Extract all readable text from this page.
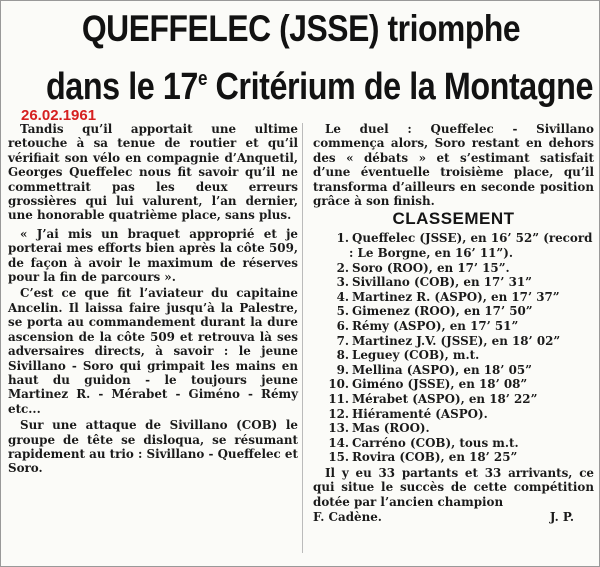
QUEFFELEC (JSSE) triomphe
dans le 17e Critérium de la Montagne
26.02.1961

Tandis qu’il apportait une ultime retouche à sa tenue de routier et qu’il vérifiait son vélo en compagnie d’Anquetil, Georges Queffelec nous fit savoir qu’il ne commettrait pas les deux erreurs grossières qui lui valurent, l’an dernier, une honorable quatrième place, sans plus.

« J’ai mis un braquet approprié et je porterai mes efforts bien après la côte 509, de façon à avoir le maximum de réserves pour la fin de parcours ».

C’est ce que fit l’aviateur du capitaine Ancelin. Il laissa faire jusqu’à la Palestre, se porta au commandement durant la dure ascension de la côte 509 et retrouva là ses adversaires directs, à savoir : le jeune Sivillano - Soro qui grimpait les mains en haut du guidon - le toujours jeune Martinez R. - Mérabet - Giméno - Rémy etc...

Sur une attaque de Sivillano (COB) le groupe de tête se disloqua, se résumant rapidement au trio : Sivillano - Queffelec et Soro.

Le duel : Queffelec - Sivillano commença alors, Soro restant en dehors des « débats » et s’estimant satisfait d’une éventuelle troisième place, qu’il transforma d’ailleurs en seconde position grâce à son finish.

CLASSEMENT
1. Queffelec (JSSE), en 16’ 52” (record : Le Borgne, en 16’ 11”).
2. Soro (ROO), en 17’ 15”.
3. Sivillano (COB), en 17’ 31”
4. Martinez R. (ASPO), en 17’ 37”
5. Gimenez (ROO), en 17’ 50”
6. Rémy (ASPO), en 17’ 51”
7. Martinez J.V. (JSSE), en 18’ 02”
8. Leguey (COB), m.t.
9. Mellina (ASPO), en 18’ 05”
10. Giméno (JSSE), en 18’ 08”
11. Mérabet (ASPO), en 18’ 22”
12. Hiéramenté (ASPO).
13. Mas (ROO).
14. Carréno (COB), tous m.t.
15. Rovira (COB), en 18’ 25”

Il y eu 33 partants et 33 arrivants, ce qui situe le succès de cette compétition dotée par l’ancien champion

F. Cadène.	J. P.
